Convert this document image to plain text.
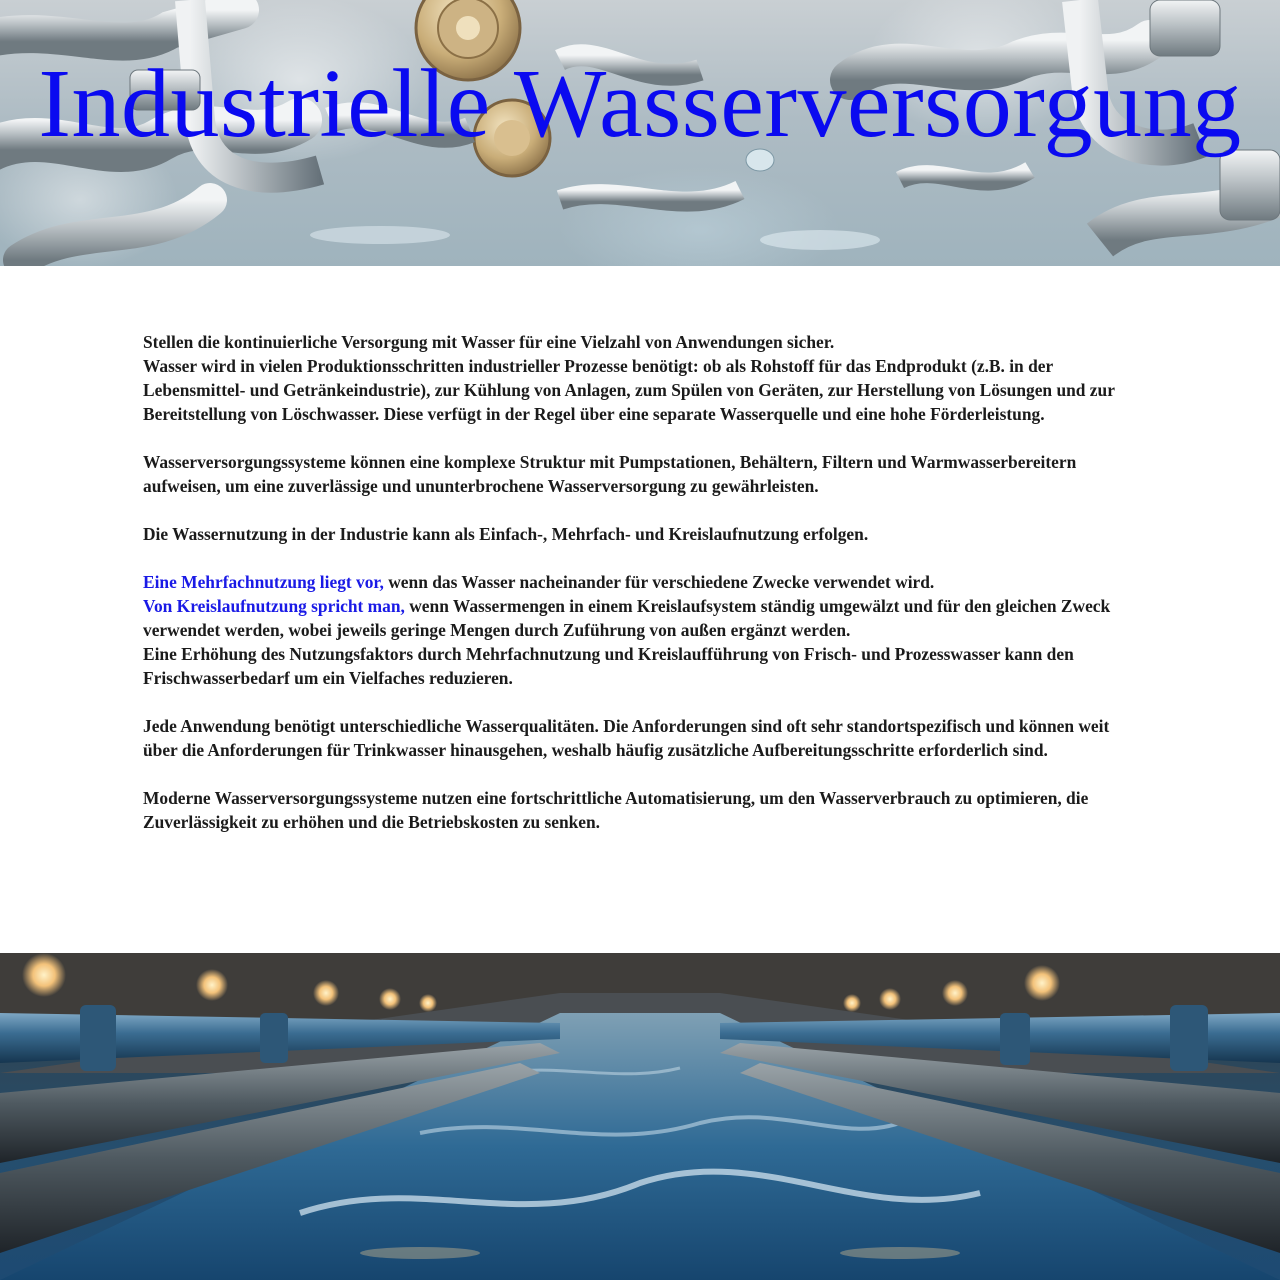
Industrielle Wasserversorgung

Stellen die kontinuierliche Versorgung mit Wasser für eine Vielzahl von Anwendungen sicher.
Wasser wird in vielen Produktionsschritten industrieller Prozesse benötigt: ob als Rohstoff für das Endprodukt (z.B. in der Lebensmittel- und Getränkeindustrie), zur Kühlung von Anlagen, zum Spülen von Geräten, zur Herstellung von Lösungen und zur Bereitstellung von Löschwasser. Diese verfügt in der Regel über eine separate Wasserquelle und eine hohe Förderleistung.

Wasserversorgungssysteme können eine komplexe Struktur mit Pumpstationen, Behältern, Filtern und Warmwasserbereitern aufweisen, um eine zuverlässige und ununterbrochene Wasserversorgung zu gewährleisten.

Die Wassernutzung in der Industrie kann als Einfach-, Mehrfach- und Kreislaufnutzung erfolgen.

Eine Mehrfachnutzung liegt vor, wenn das Wasser nacheinander für verschiedene Zwecke verwendet wird.
Von Kreislaufnutzung spricht man, wenn Wassermengen in einem Kreislaufsystem ständig umgewälzt und für den gleichen Zweck verwendet werden, wobei jeweils geringe Mengen durch Zuführung von außen ergänzt werden.
Eine Erhöhung des Nutzungsfaktors durch Mehrfachnutzung und Kreislaufführung von Frisch- und Prozesswasser kann den Frischwasserbedarf um ein Vielfaches reduzieren.

Jede Anwendung benötigt unterschiedliche Wasserqualitäten. Die Anforderungen sind oft sehr standortspezifisch und können weit über die Anforderungen für Trinkwasser hinausgehen, weshalb häufig zusätzliche Aufbereitungsschritte erforderlich sind.

Moderne Wasserversorgungssysteme nutzen eine fortschrittliche Automatisierung, um den Wasserverbrauch zu optimieren, die Zuverlässigkeit zu erhöhen und die Betriebskosten zu senken.
